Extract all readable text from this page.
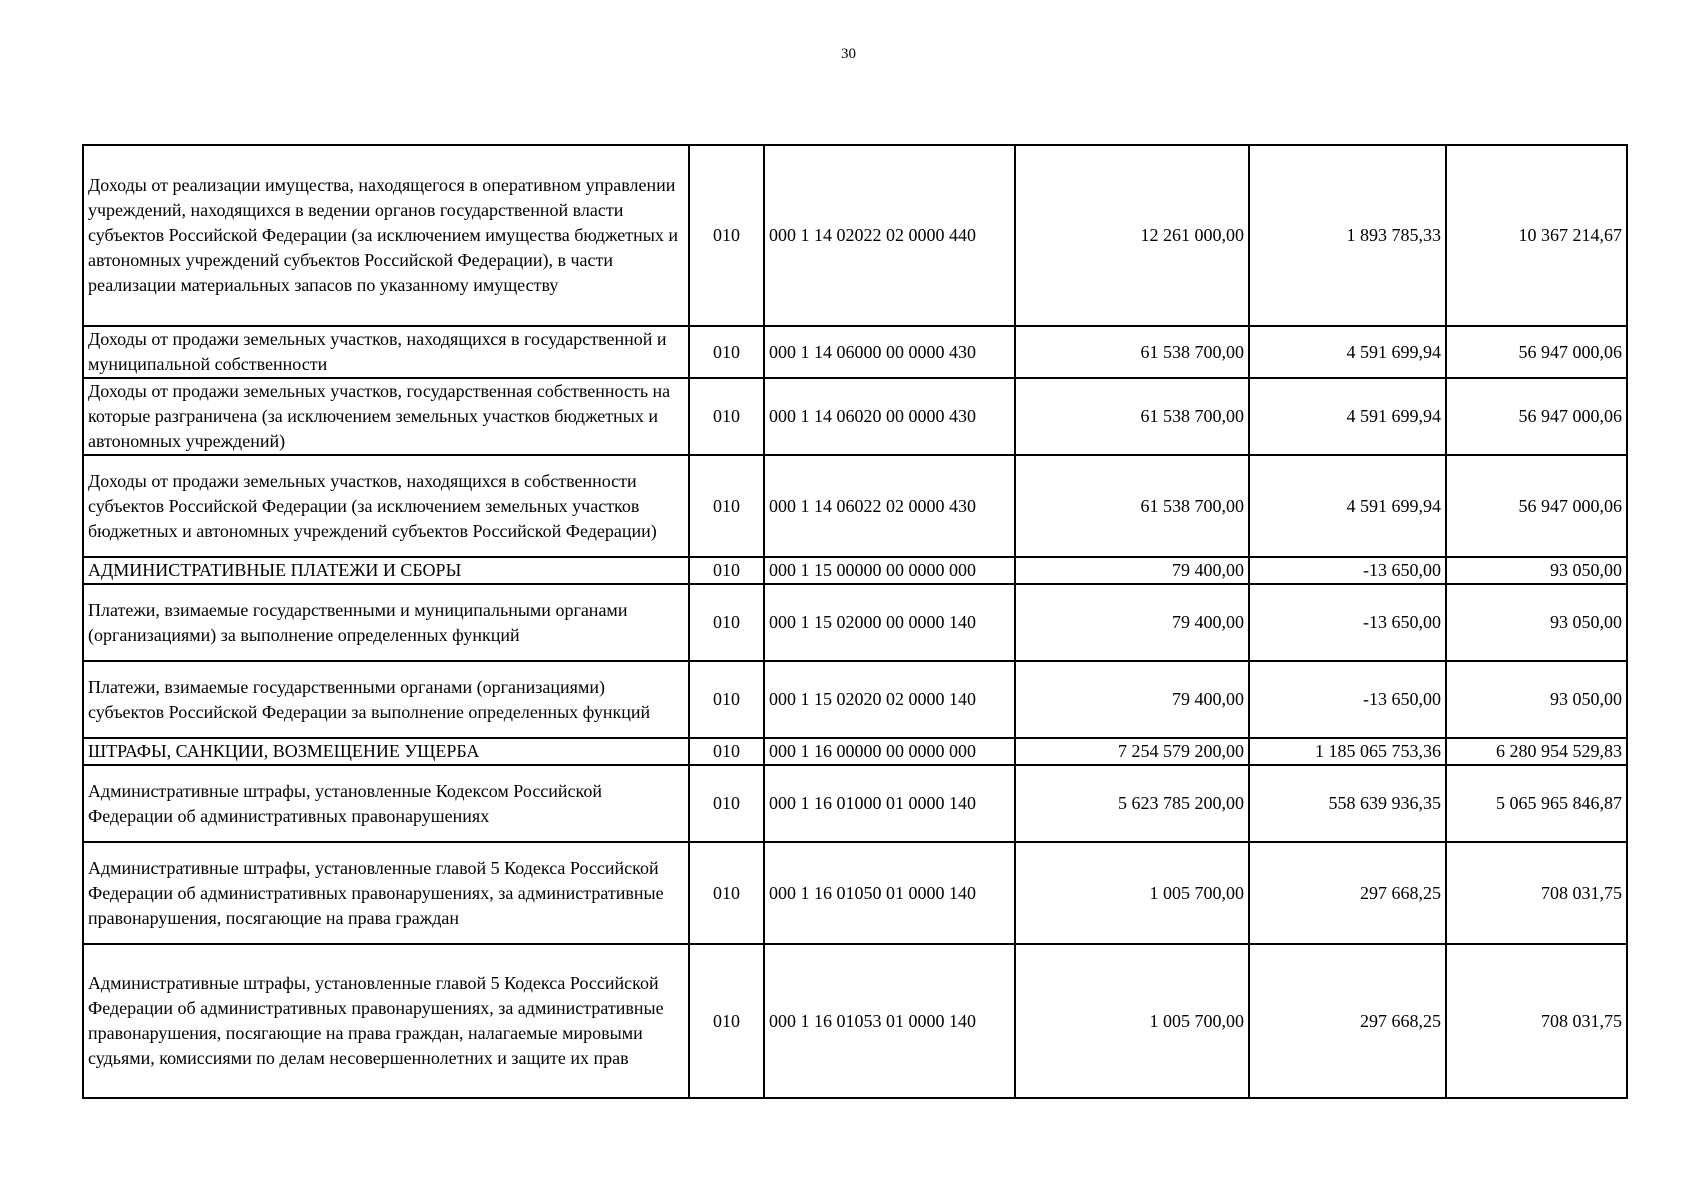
30
Доходы от реализации имущества, находящегося в оперативном управлении учреждений, находящихся в ведении органов государственной власти субъектов Российской Федерации (за исключением имущества бюджетных и автономных учреждений субъектов Российской Федерации), в части реализации материальных запасов по указанному имуществу	010	000 1 14 02022 02 0000 440	12 261 000,00	1 893 785,33	10 367 214,67
Доходы от продажи земельных участков, находящихся в государственной и муниципальной собственности	010	000 1 14 06000 00 0000 430	61 538 700,00	4 591 699,94	56 947 000,06
Доходы от продажи земельных участков, государственная собственность на которые разграничена (за исключением земельных участков бюджетных и автономных учреждений)	010	000 1 14 06020 00 0000 430	61 538 700,00	4 591 699,94	56 947 000,06
Доходы от продажи земельных участков, находящихся в собственности субъектов Российской Федерации (за исключением земельных участков бюджетных и автономных учреждений субъектов Российской Федерации)	010	000 1 14 06022 02 0000 430	61 538 700,00	4 591 699,94	56 947 000,06
АДМИНИСТРАТИВНЫЕ ПЛАТЕЖИ И СБОРЫ	010	000 1 15 00000 00 0000 000	79 400,00	-13 650,00	93 050,00
Платежи, взимаемые государственными и муниципальными органами (организациями) за выполнение определенных функций	010	000 1 15 02000 00 0000 140	79 400,00	-13 650,00	93 050,00
Платежи, взимаемые государственными органами (организациями) субъектов Российской Федерации за выполнение определенных функций	010	000 1 15 02020 02 0000 140	79 400,00	-13 650,00	93 050,00
ШТРАФЫ, САНКЦИИ, ВОЗМЕЩЕНИЕ УЩЕРБА	010	000 1 16 00000 00 0000 000	7 254 579 200,00	1 185 065 753,36	6 280 954 529,83
Административные штрафы, установленные Кодексом Российской Федерации об административных правонарушениях	010	000 1 16 01000 01 0000 140	5 623 785 200,00	558 639 936,35	5 065 965 846,87
Административные штрафы, установленные главой 5 Кодекса Российской Федерации об административных правонарушениях, за административные правонарушения, посягающие на права граждан	010	000 1 16 01050 01 0000 140	1 005 700,00	297 668,25	708 031,75
Административные штрафы, установленные главой 5 Кодекса Российской Федерации об административных правонарушениях, за административные правонарушения, посягающие на права граждан, налагаемые мировыми судьями, комиссиями по делам несовершеннолетних и защите их прав	010	000 1 16 01053 01 0000 140	1 005 700,00	297 668,25	708 031,75
